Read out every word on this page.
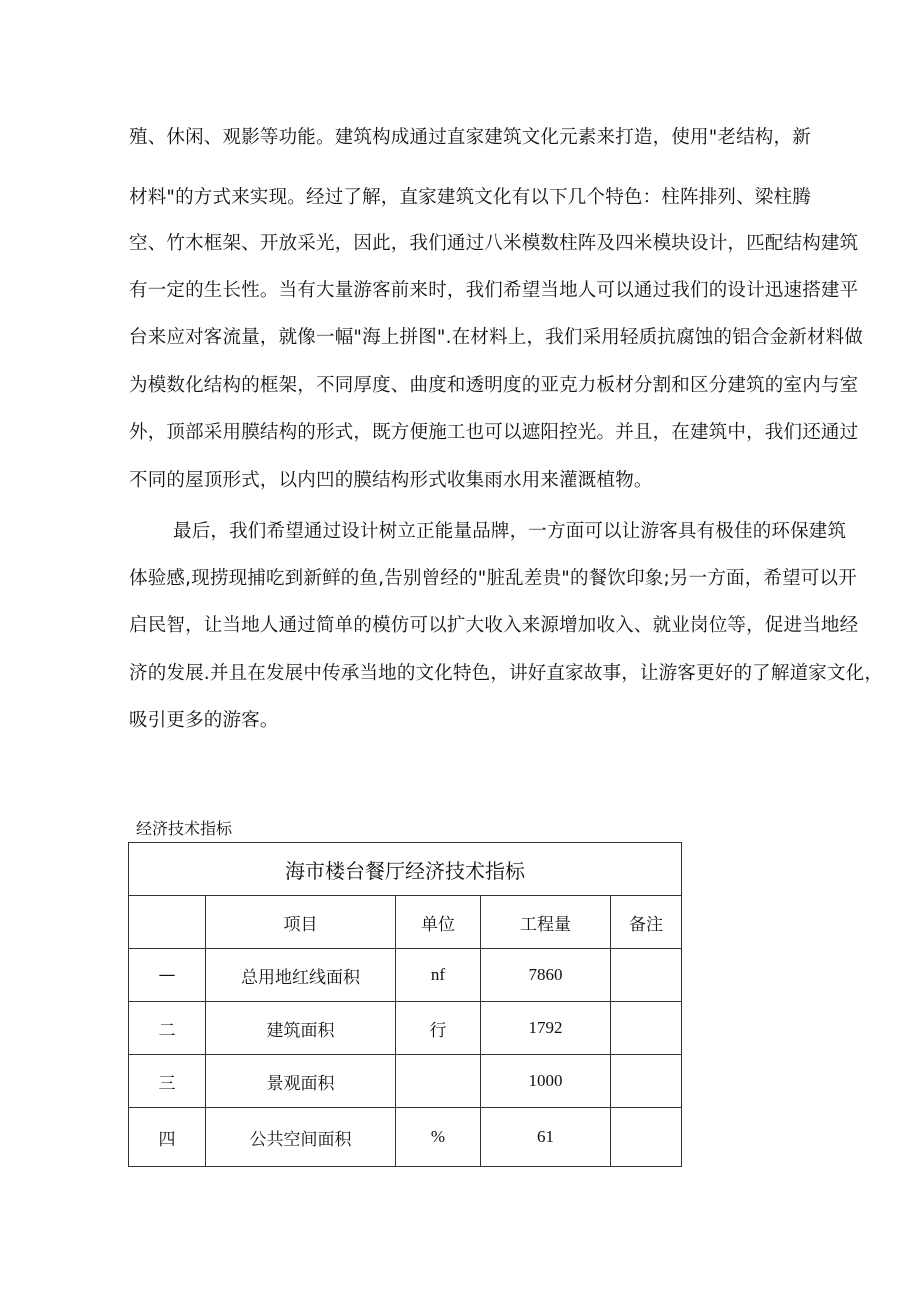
殖、休闲、观影等功能。建筑构成通过直家建筑文化元素来打造，使用"老结构，新
材料"的方式来实现。经过了解，直家建筑文化有以下几个特色：柱阵排列、梁柱腾
空、竹木框架、开放采光，因此，我们通过八米模数柱阵及四米模块设计，匹配结构建筑
有一定的生长性。当有大量游客前来时，我们希望当地人可以通过我们的设计迅速搭建平
台来应对客流量，就像一幅"海上拼图".在材料上，我们采用轻质抗腐蚀的铝合金新材料做
为模数化结构的框架，不同厚度、曲度和透明度的亚克力板材分割和区分建筑的室内与室
外，顶部采用膜结构的形式，既方便施工也可以遮阳控光。并且，在建筑中，我们还通过
不同的屋顶形式，以内凹的膜结构形式收集雨水用来灌溉植物。
最后，我们希望通过设计树立正能量品牌，一方面可以让游客具有极佳的环保建筑
体验感,现捞现捕吃到新鲜的鱼,告别曾经的"脏乱差贵"的餐饮印象;另一方面，希望可以开
启民智，让当地人通过简单的模仿可以扩大收入来源增加收入、就业岗位等，促进当地经
济的发展.并且在发展中传承当地的文化特色，讲好直家故事，让游客更好的了解道家文化，
吸引更多的游客。
经济技术指标
海市楼台餐厅经济技术指标				
	项目	单位	工程量	备注
—	总用地红线面积	nf	7860	
二	建筑面积	行	1792	
三	景观面积		1000	
四	公共空间面积	%	61	
